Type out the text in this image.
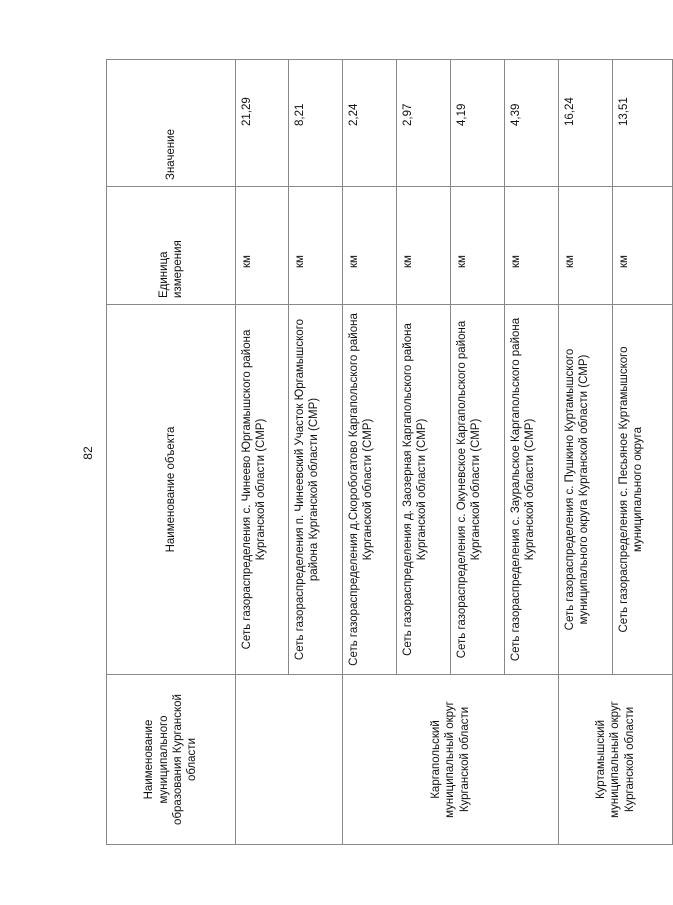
82
Наименование муниципального образования Курганской области	Наименование объекта	Единица измерения	Значение
	Сеть газораспределения с. Чинеево Юргамышского района Курганской области (СМР)	км	21,29
	Сеть газораспределения п. Чинеевский Участок Юргамышского района Курганской области (СМР)	км	8,21
Каргапольский муниципальный округ Курганской области	Сеть газораспределения д.Скоробогатово Каргапольского района Курганской области (СМР)	км	2,24
	Сеть газораспределения д. Заозерная Каргапольского района Курганской области (СМР)	км	2,97
	Сеть газораспределения с. Окуневское Каргапольского района Курганской области (СМР)	км	4,19
	Сеть газораспределения с. Зауральское Каргапольского района Курганской области (СМР)	км	4,39
Куртамышский муниципальный округ Курганской области	Сеть газораспределения с. Пушкино Куртамышского муниципального округа Курганской области (СМР)	км	16,24
	Сеть газораспределения с. Песьяное Куртамышского муниципального округа	км	13,51
